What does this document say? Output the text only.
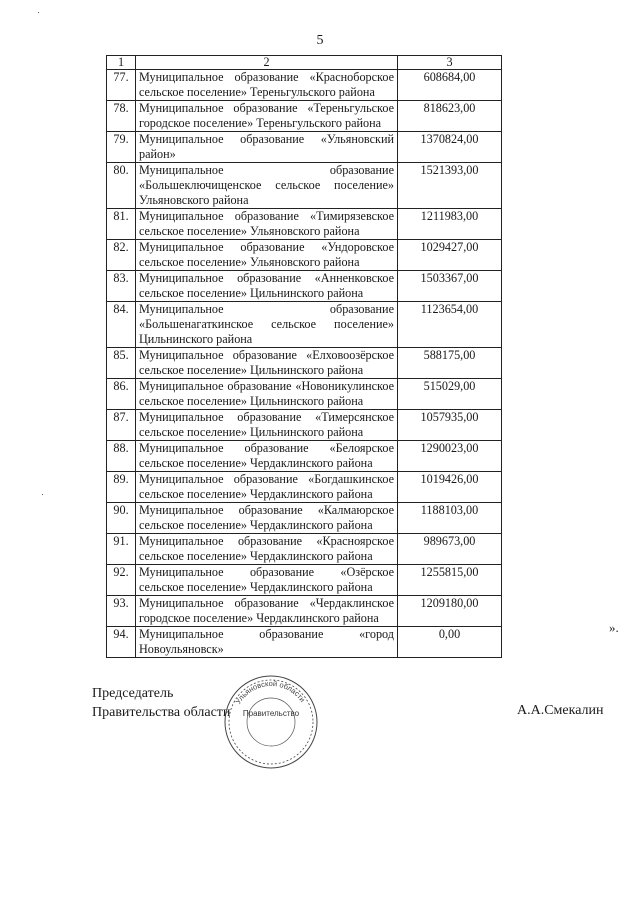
5
1	2	3
77.	Муниципальное образование «Красноборское сельское поселение» Тереньгульского района	608684,00
78.	Муниципальное образование «Тереньгульское городское поселение» Тереньгульского района	818623,00
79.	Муниципальное образование «Ульяновский район»	1370824,00
80.	Муниципальное образование «Большеключищенское сельское поселение» Ульяновского района	1521393,00
81.	Муниципальное образование «Тимирязевское сельское поселение» Ульяновского района	1211983,00
82.	Муниципальное образование «Ундоровское сельское поселение» Ульяновского района	1029427,00
83.	Муниципальное образование «Анненковское сельское поселение» Цильнинского района	1503367,00
84.	Муниципальное образование «Большенагаткинское сельское поселение» Цильнинского района	1123654,00
85.	Муниципальное образование «Елховоозёрское сельское поселение» Цильнинского района	588175,00
86.	Муниципальное образование «Новоникулинское сельское поселение» Цильнинского района	515029,00
87.	Муниципальное образование «Тимерсянское сельское поселение» Цильнинского района	1057935,00
88.	Муниципальное образование «Белоярское сельское поселение» Чердаклинского района	1290023,00
89.	Муниципальное образование «Богдашкинское сельское поселение» Чердаклинского района	1019426,00
90.	Муниципальное образование «Калмаюрское сельское поселение» Чердаклинского района	1188103,00
91.	Муниципальное образование «Красноярское сельское поселение» Чердаклинского района	989673,00
92.	Муниципальное образование «Озёрское сельское поселение» Чердаклинского района	1255815,00
93.	Муниципальное образование «Чердаклинское городское поселение» Чердаклинского района	1209180,00
94.	Муниципальное образование «город Новоульяновск»	0,00	».
Председатель
Правительства области	А.А.Смекалин
Ульяновской области
Правительство
